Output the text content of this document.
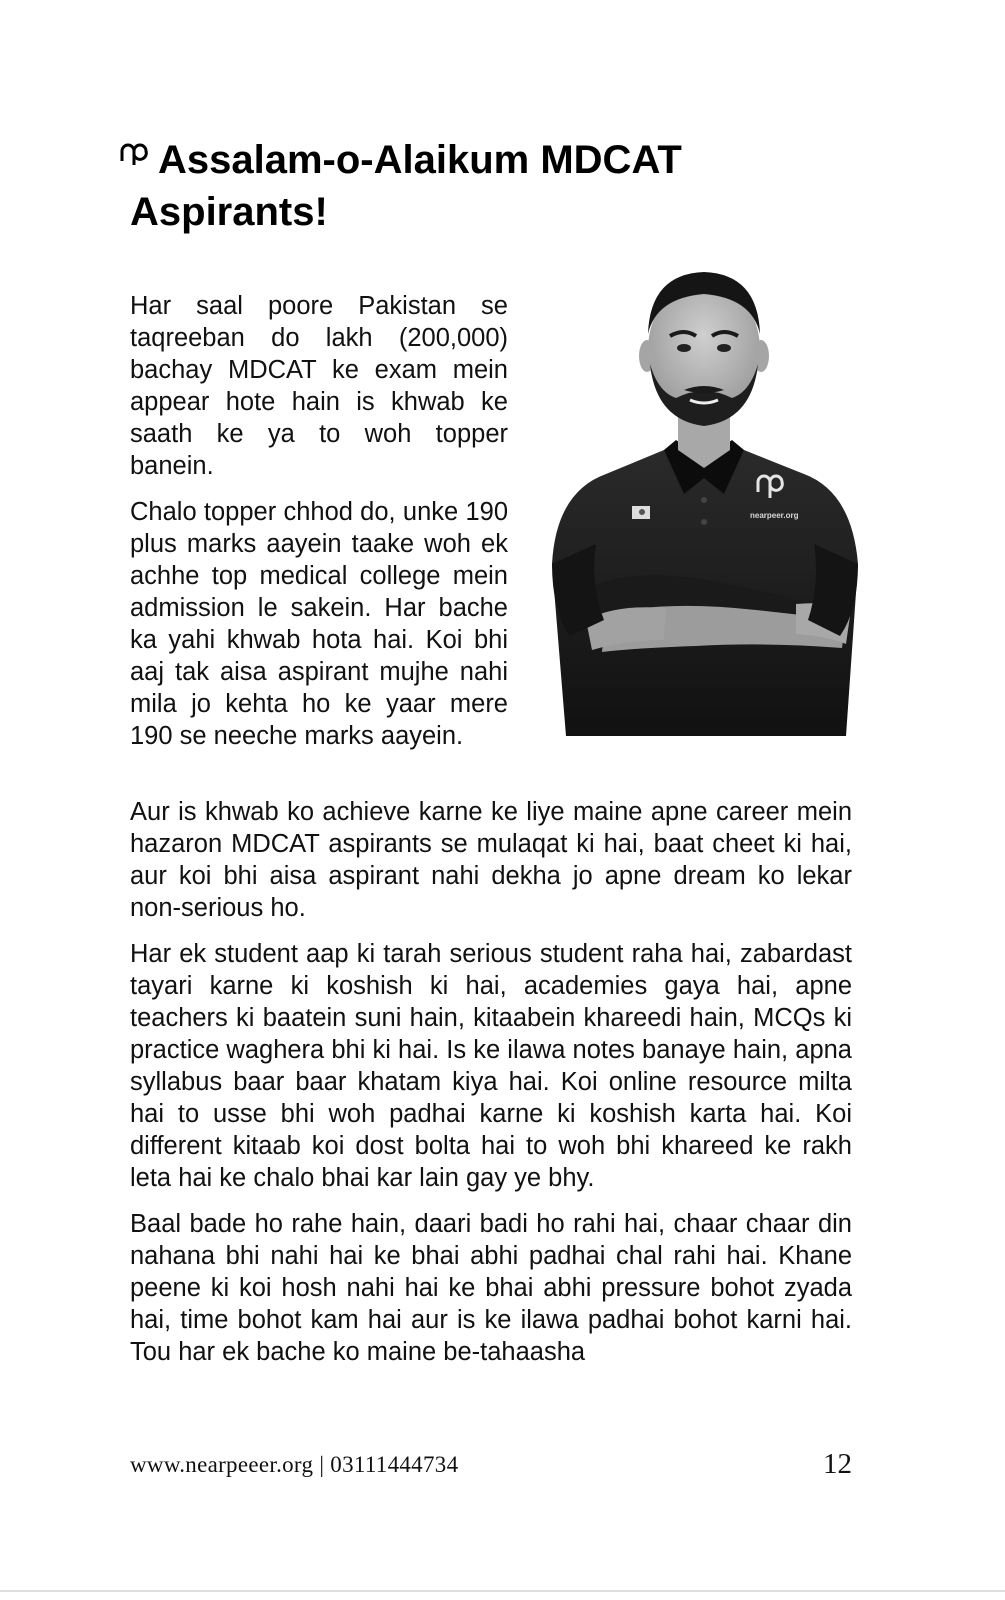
Assalam-o-Alaikum MDCAT
Aspirants!

Har saal poore Pakistan se taqreeban do lakh (200,000) bachay MDCAT ke exam mein appear hote hain is khwab ke saath ke ya to woh topper banein.

Chalo topper chhod do, unke 190 plus marks aayein taake woh ek achhe top medical college mein admission le sakein. Har bache ka yahi khwab hota hai. Koi bhi aaj tak aisa aspirant mujhe nahi mila jo kehta ho ke yaar mere 190 se neeche marks aayein.

nearpeer.org

Aur is khwab ko achieve karne ke liye maine apne career mein hazaron MDCAT aspirants se mulaqat ki hai, baat cheet ki hai, aur koi bhi aisa aspirant nahi dekha jo apne dream ko lekar non-serious ho.

Har ek student aap ki tarah serious student raha hai, zabardast tayari karne ki koshish ki hai, academies gaya hai, apne teachers ki baatein suni hain, kitaabein khareedi hain, MCQs ki practice waghera bhi ki hai. Is ke ilawa notes banaye hain, apna syllabus baar baar khatam kiya hai. Koi online resource milta hai to usse bhi woh padhai karne ki koshish karta hai. Koi different kitaab koi dost bolta hai to woh bhi khareed ke rakh leta hai ke chalo bhai kar lain gay ye bhy.

Baal bade ho rahe hain, daari badi ho rahi hai, chaar chaar din nahana bhi nahi hai ke bhai abhi padhai chal rahi hai. Khane peene ki koi hosh nahi hai ke bhai abhi pressure bohot zyada hai, time bohot kam hai aur is ke ilawa padhai bohot karni hai. Tou har ek bache ko maine be-tahaasha

www.nearpeeer.org | 03111444734	12
